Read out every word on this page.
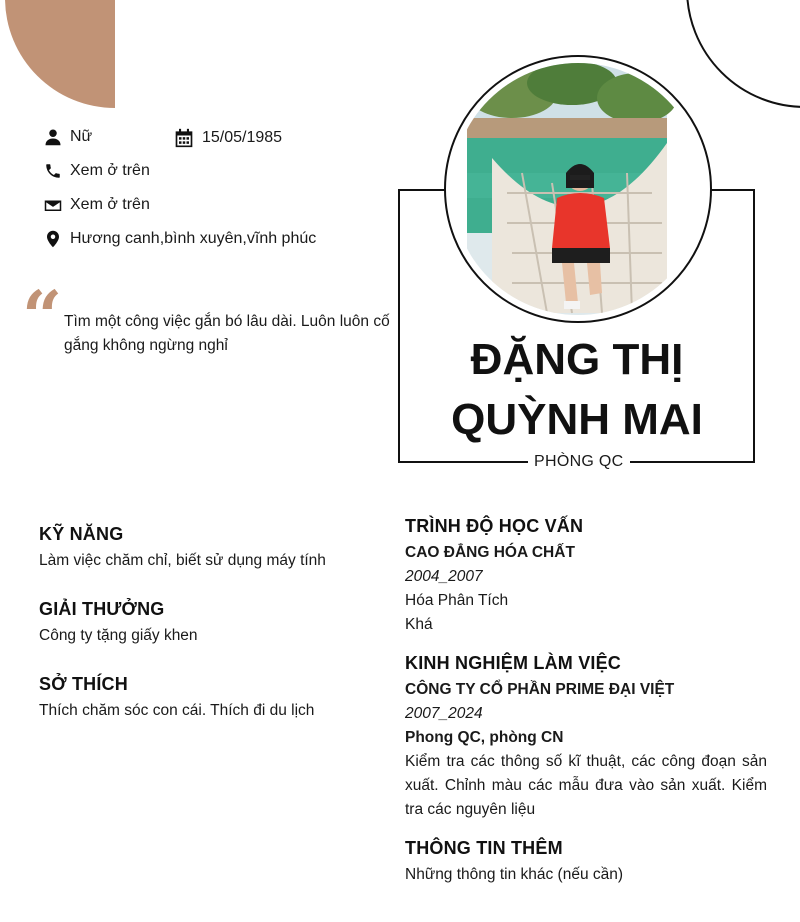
Nữ	15/05/1985
Xem ở trên
Xem ở trên
Hương canh,bình xuyên,vĩnh phúc
“ Tìm một công việc gắn bó lâu dài. Luôn luôn cố gắng không ngừng nghỉ
PHÒNG QC
ĐẶNG THỊ
QUỲNH MAI
KỸ NĂNG
Làm việc chăm chỉ, biết sử dụng máy tính
GIẢI THƯỞNG
Công ty tặng giấy khen
SỞ THÍCH
Thích chăm sóc con cái. Thích đi du lịch
TRÌNH ĐỘ HỌC VẤN
CAO ĐẲNG HÓA CHẤT
2004_2007
Hóa Phân Tích
Khá
KINH NGHIỆM LÀM VIỆC
CÔNG TY CỔ PHẦN PRIME ĐẠI VIỆT
2007_2024
Phong QC, phòng CN
Kiểm tra các thông số kĩ thuật, các công đoạn sản xuất. Chỉnh màu các mẫu đưa vào sản xuất. Kiểm tra các nguyên liệu
THÔNG TIN THÊM
Những thông tin khác (nếu cần)
